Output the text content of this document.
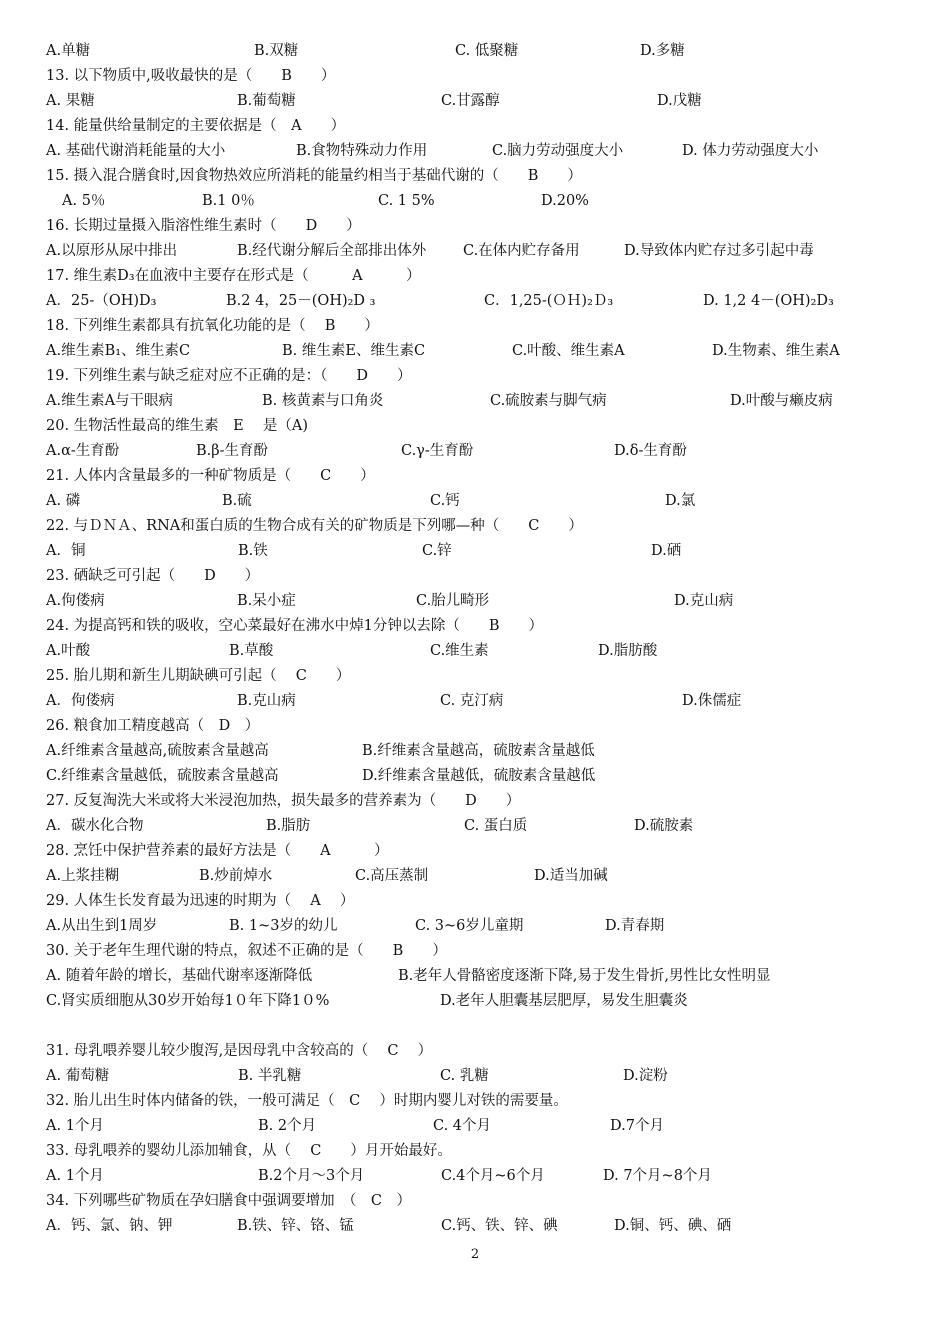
A.单糖	B.双糖	C. 低聚糖	D.多糖
13. 以下物质中,吸收最快的是（　　B　　）
A. 果糖	B.葡萄糖	C.甘露醇	D.戊糖
14. 能量供给量制定的主要依据是（　A　　）
A. 基础代谢消耗能量的大小	B.食物特殊动力作用	C.脑力劳动强度大小	D. 体力劳动强度大小
15. 摄入混合膳食时,因食物热效应所消耗的能量约相当于基础代谢的（　　B　　）
A. 5％	B.1 0％	C. 1 5%	D.20%
16. 长期过量摄入脂溶性维生素时（　　D　　）
A.以原形从尿中排出	B.经代谢分解后全部排出体外	C.在体内贮存备用	D.导致体内贮存过多引起中毒
17. 维生素D₃在血液中主要存在形式是（　　　A　　　）
A．25-（OH)D₃	B.2 4，25－(OH)₂D ₃	C．1,25-(ＯＨ)₂Ｄ₃	D. 1,2 4－(OH)₂D₃
18. 下列维生素都具有抗氧化功能的是（　 B　　）
A.维生素B₁、维生素C	B. 维生素E、维生素C	C.叶酸、维生素A	D.生物素、维生素A
19. 下列维生素与缺乏症对应不正确的是：（　　D　　）
A.维生素A与干眼病	B. 核黄素与口角炎	C.硫胺素与脚气病	D.叶酸与癞皮病
20. 生物活性最高的维生素　E　 是（A)
A.α-生育酚	B.β-生育酚	C.γ-生育酚	D.δ-生育酚
21. 人体内含量最多的一种矿物质是（　　C　　）
A. 磷	B.硫	C.钙	D.氯
22. 与ＤＮＡ、RNA和蛋白质的生物合成有关的矿物质是下列哪—种（　　C　　）
A．铜	B.铁	C.锌	D.硒
23. 硒缺乏可引起（　　D　　）
A.佝偻病	B.呆小症	C.胎儿畸形	D.克山病
24. 为提高钙和铁的吸收，空心菜最好在沸水中焯1分钟以去除（　　B　　）
A.叶酸	B.草酸	C.维生素	D.脂肪酸
25. 胎儿期和新生儿期缺碘可引起（　 C　　）
A．佝偻病	B.克山病	C. 克汀病	D.侏儒症
26. 粮食加工精度越高（　D　）
A.纤维素含量越高,硫胺素含量越高	B.纤维素含量越高，硫胺素含量越低
C.纤维素含量越低，硫胺素含量越高	D.纤维素含量越低，硫胺素含量越低
27. 反复淘洗大米或将大米浸泡加热，损失最多的营养素为（　　D　　）
A．碳水化合物	B.脂肪	C. 蛋白质	D.硫胺素
28. 烹饪中保护营养素的最好方法是（　　A　　　）
A.上浆挂糊	B.炒前焯水	C.高压蒸制	D.适当加碱
29. 人体生长发育最为迅速的时期为（　 A　 ）
A.从出生到1周岁	B. 1~3岁的幼儿	C. 3~6岁儿童期	D.青春期
30. 关于老年生理代谢的特点，叙述不正确的是（　　B　　）
A. 随着年龄的增长，基础代谢率逐渐降低	B.老年人骨骼密度逐渐下降,易于发生骨折,男性比女性明显
C.肾实质细胞从30岁开始每1０年下降1０%	D.老年人胆囊基层肥厚，易发生胆囊炎
31. 母乳喂养婴儿较少腹泻,是因母乳中含较高的（　 C　 ）
A. 葡萄糖	B. 半乳糖	C. 乳糖	D.淀粉
32. 胎儿出生时体内储备的铁，一般可满足（　C　 ）时期内婴儿对铁的需要量。
A. 1个月	B. 2个月	C. 4个月	D.7个月
33. 母乳喂养的婴幼儿添加辅食，从（　 C　　）月开始最好。
A. 1个月	B.2个月～3个月	C.4个月~6个月	D. 7个月~8个月
34. 下列哪些矿物质在孕妇膳食中强调要增加　（　C　）
A．钙、氯、钠、钾	B.铁、锌、铬、锰	C.钙、铁、锌、碘	D.铜、钙、碘、硒
2
